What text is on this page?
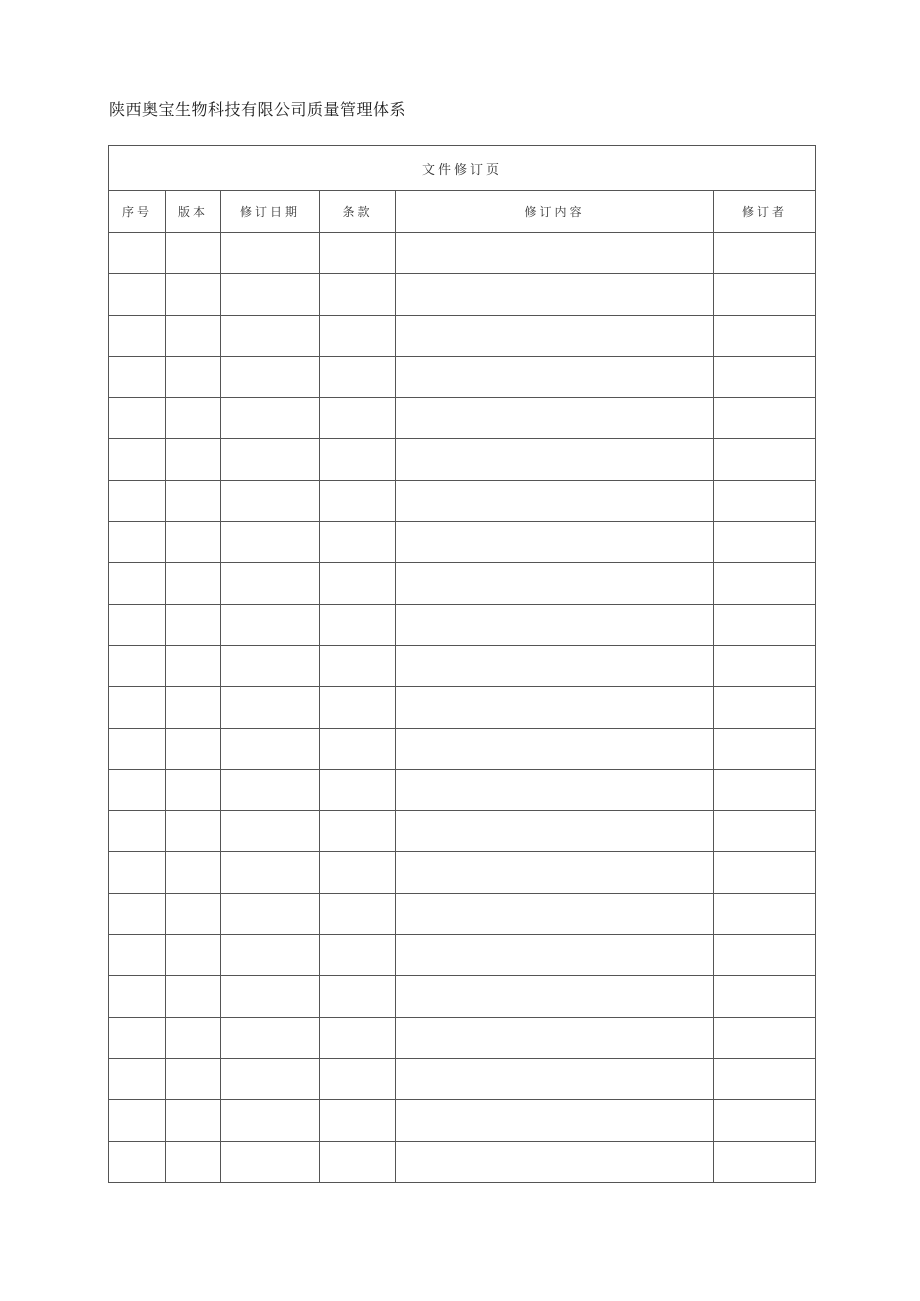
陕西奥宝生物科技有限公司质量管理体系
文件修订页					
序号	版本	修订日期	条款	修订内容	修订者
